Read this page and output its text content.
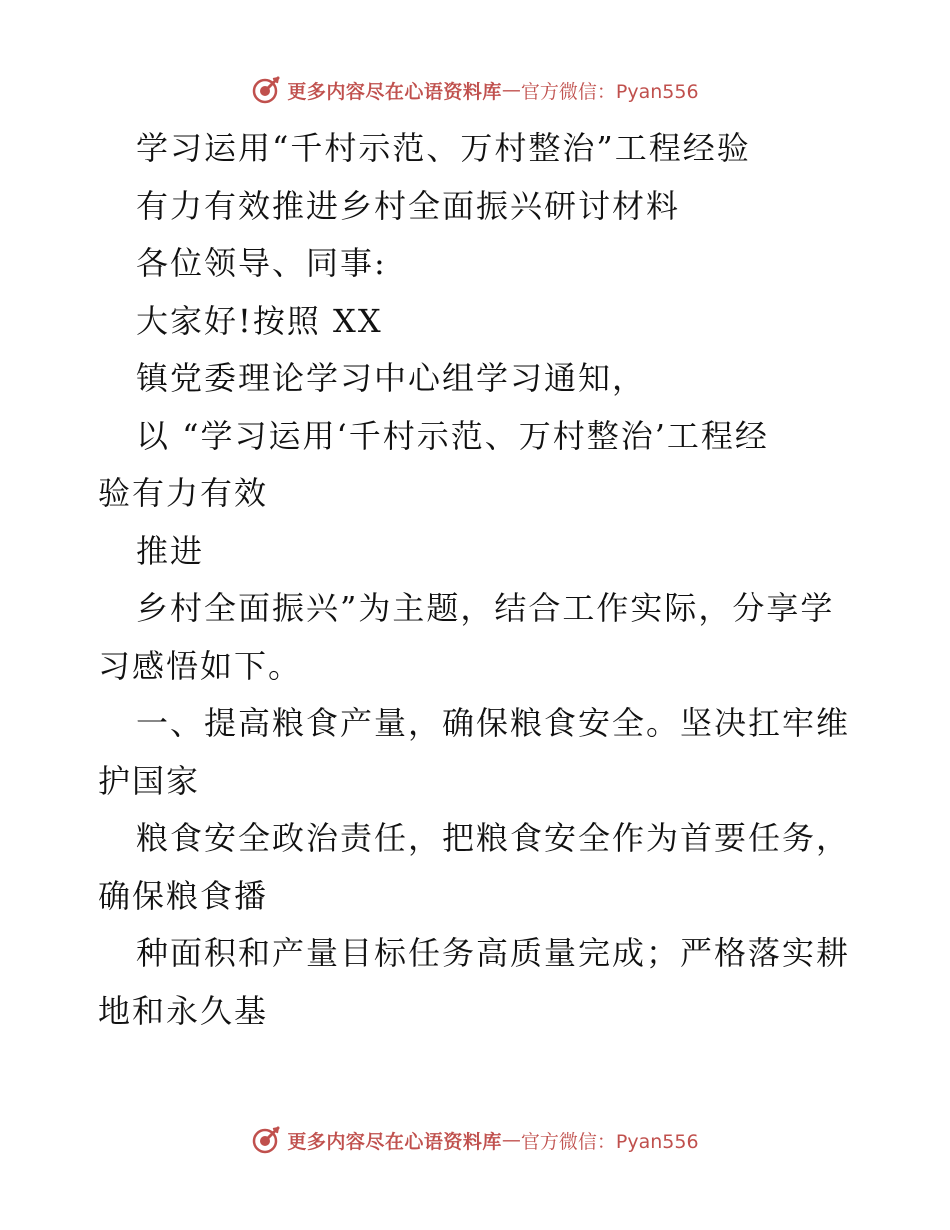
更多内容尽在心语资料库 — 官方微信：Pyan556
学习运用“千村示范、万村整治”工程经验
有力有效推进乡村全面振兴研讨材料
各位领导、同事:
大家好!按照 XX
镇党委理论学习中心组学习通知，
以 “学习运用‘千村示范、万村整治’工程经
验有力有效
推进
乡村全面振兴”为主题，结合工作实际，分享学
习感悟如下。
一、提高粮食产量，确保粮食安全。坚决扛牢维
护国家
粮食安全政治责任，把粮食安全作为首要任务，
确保粮食播
种面积和产量目标任务高质量完成；严格落实耕
地和永久基
更多内容尽在心语资料库 — 官方微信：Pyan556
